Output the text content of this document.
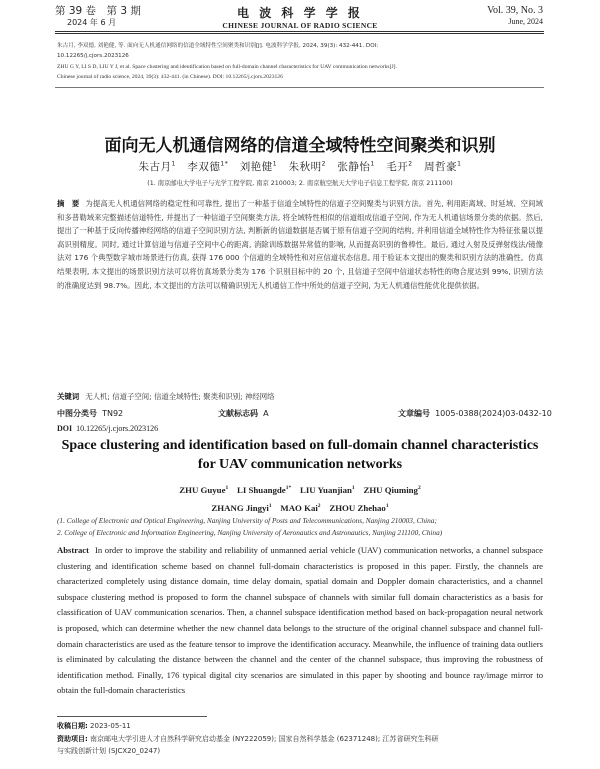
第 39 卷　第 3 期
2024 年 6 月
电 波 科 学 学 报
CHINESE JOURNAL OF RADIO SCIENCE
Vol. 39, No. 3
June, 2024
朱古月, 李双德, 刘艳健, 等. 面向无人机通信网络的信道全域特性空间聚类和识别[J]. 电波科学学报, 2024, 39(3): 432-441. DOI:
10.12265/j.cjors.2023126
ZHU G Y, LI S D, LIU Y J, et al. Space clustering and identification based on full-domain channel characteristics for UAV communication networks[J].
Chinese journal of radio science, 2024, 39(3): 432-441. (in Chinese). DOI: 10.12265/j.cjors.2023126
面向无人机通信网络的信道全域特性空间聚类和识别
朱古月$^1$ 李双德$^{1*}$ 刘艳健$^1$ 朱秋明$^2$ 张静怡$^1$ 毛开$^2$ 周哲豪$^1$
(1. 南京邮电大学电子与光学工程学院, 南京 210003; 2. 南京航空航天大学电子信息工程学院, 南京 211100)
摘　要 为提高无人机通信网络的稳定性和可靠性, 提出了一种基于信道全域特性的信道子空间聚类与识别方法。首先, 利用距离域、时延域、空间域和多普勒域来完整描述信道特性, 并提出了一种信道子空间聚类方法, 将全域特性相似的信道组成信道子空间, 作为无人机通信场景分类的依据。然后, 提出了一种基于反向传播神经网络的信道子空间识别方法, 判断新的信道数据是否属于原有信道子空间的结构, 并利用信道全域特性作为特征张量以提高识别精度。同时, 通过计算信道与信道子空间中心的距离, 消除训练数据异常值的影响, 从而提高识别的鲁棒性。最后, 通过入射及反弹射线法/镜像法对 176 个典型数字城市场景进行仿真, 获得 176 000 个信道的全域特性和对应信道状态信息, 用于验证本文提出的聚类和识别方法的准确性。仿真结果表明, 本文提出的场景识别方法可以将仿真场景分类为 176 个识别目标中的 20 个, 且信道子空间中信道状态特性的吻合度达到 99%, 识别方法的准确度达到 98.7%。因此, 本文提出的方法可以精确识别无人机通信工作中所处的信道子空间, 为无人机通信性能优化提供依据。
关键词 无人机; 信道子空间; 信道全域特性; 聚类和识别; 神经网络
中图分类号 TN92	文献标志码 A	文章编号 1005-0388(2024)03-0432-10
DOI 10.12265/j.cjors.2023126
Space clustering and identification based on full-domain channel characteristics
for UAV communication networks
ZHU Guyue$^1$ LI Shuangde$^{1*}$ LIU Yuanjian$^1$ ZHU Qiuming$^2$
ZHANG Jingyi$^1$ MAO Kai$^2$ ZHOU Zhehao$^1$
(1. College of Electronic and Optical Engineering, Nanjing University of Posts and Telecommunications, Nanjing 210003, China;
2. College of Electronic and Information Engineering, Nanjing University of Aeronautics and Astronautics, Nanjing 211100, China)
Abstract In order to improve the stability and reliability of unmanned aerial vehicle (UAV) communication networks, a channel subspace clustering and identification scheme based on channel full-domain characteristics is proposed in this paper. Firstly, the channels are characterized completely using distance domain, time delay domain, spatial domain and Doppler domain characteristics, and a channel subspace clustering method is proposed to form the channel subspace of channels with similar full domain characteristics as a basis for classification of UAV communication scenarios. Then, a channel subspace identification method based on back-propagation neural network is proposed, which can determine whether the new channel data belongs to the structure of the original channel subspace and channel full-domain characteristics are used as the feature tensor to improve the identification accuracy. Meanwhile, the influence of training data outliers is eliminated by calculating the distance between the channel and the center of the channel subspace, thus improving the robustness of identification method. Finally, 176 typical digital city scenarios are simulated in this paper by shooting and bounce ray/image mirror to obtain the full-domain characteristics
收稿日期: 2023-05-11
资助项目: 南京邮电大学引进人才自然科学研究启动基金 (NY222059); 国家自然科学基金 (62371248); 江苏省研究生科研
与实践创新计划 (SJCX20_0247)
